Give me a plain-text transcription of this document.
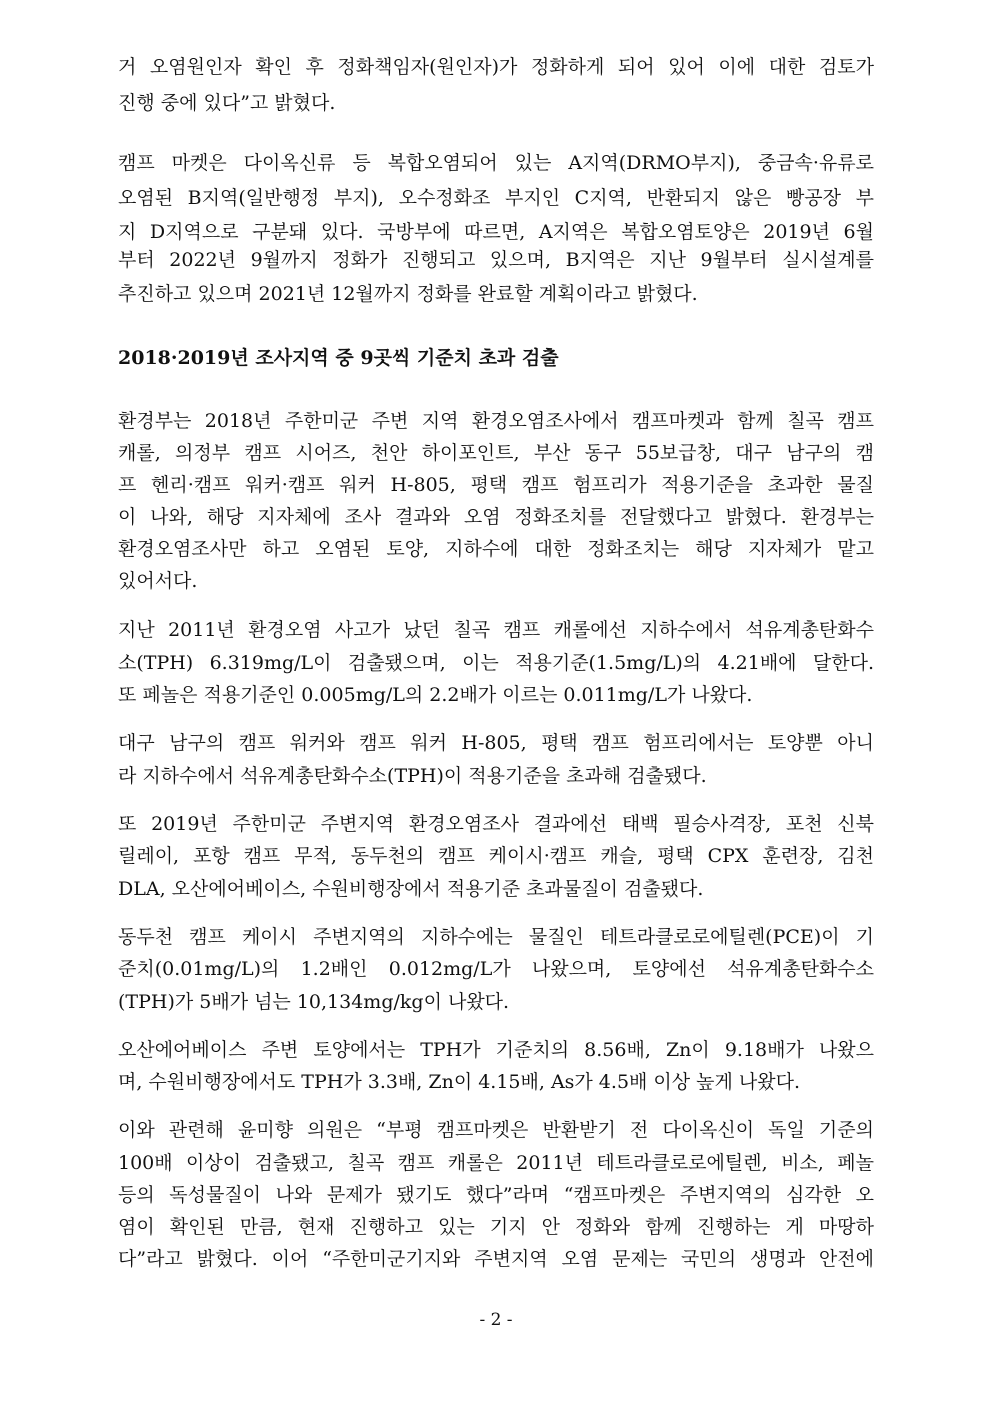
거 오염원인자 확인 후 정화책임자(원인자)가 정화하게 되어 있어 이에 대한 검토가
진행 중에 있다”고 밝혔다.
캠프 마켓은 다이옥신류 등 복합오염되어 있는 A지역(DRMO부지), 중금속·유류로
오염된 B지역(일반행정 부지), 오수정화조 부지인 C지역, 반환되지 않은 빵공장 부
지 D지역으로 구분돼 있다. 국방부에 따르면, A지역은 복합오염토양은 2019년 6월
부터 2022년 9월까지 정화가 진행되고 있으며, B지역은 지난 9월부터 실시설계를
추진하고 있으며 2021년 12월까지 정화를 완료할 계획이라고 밝혔다.
2018·2019년 조사지역 중 9곳씩 기준치 초과 검출
환경부는 2018년 주한미군 주변 지역 환경오염조사에서 캠프마켓과 함께 칠곡 캠프
캐롤, 의정부 캠프 시어즈, 천안 하이포인트, 부산 동구 55보급창, 대구 남구의 캠
프 헨리·캠프 워커·캠프 워커 H-805, 평택 캠프 험프리가 적용기준을 초과한 물질
이 나와, 해당 지자체에 조사 결과와 오염 정화조치를 전달했다고 밝혔다. 환경부는
환경오염조사만 하고 오염된 토양, 지하수에 대한 정화조치는 해당 지자체가 맡고
있어서다.
지난 2011년 환경오염 사고가 났던 칠곡 캠프 캐롤에선 지하수에서 석유계총탄화수
소(TPH) 6.319mg/L이 검출됐으며, 이는 적용기준(1.5mg/L)의 4.21배에 달한다.
또 페놀은 적용기준인 0.005mg/L의 2.2배가 이르는 0.011mg/L가 나왔다.
대구 남구의 캠프 워커와 캠프 워커 H-805, 평택 캠프 험프리에서는 토양뿐 아니
라 지하수에서 석유계총탄화수소(TPH)이 적용기준을 초과해 검출됐다.
또 2019년 주한미군 주변지역 환경오염조사 결과에선 태백 필승사격장, 포천 신북
릴레이, 포항 캠프 무적, 동두천의 캠프 케이시·캠프 캐슬, 평택 CPX 훈련장, 김천
DLA, 오산에어베이스, 수원비행장에서 적용기준 초과물질이 검출됐다.
동두천 캠프 케이시 주변지역의 지하수에는 물질인 테트라클로로에틸렌(PCE)이 기
준치(0.01mg/L)의 1.2배인 0.012mg/L가 나왔으며, 토양에선 석유계총탄화수소
(TPH)가 5배가 넘는 10,134mg/kg이 나왔다.
오산에어베이스 주변 토양에서는 TPH가 기준치의 8.56배, Zn이 9.18배가 나왔으
며, 수원비행장에서도 TPH가 3.3배, Zn이 4.15배, As가 4.5배 이상 높게 나왔다.
이와 관련해 윤미향 의원은 “부평 캠프마켓은 반환받기 전 다이옥신이 독일 기준의
100배 이상이 검출됐고, 칠곡 캠프 캐롤은 2011년 테트라클로로에틸렌, 비소, 페놀
등의 독성물질이 나와 문제가 됐기도 했다”라며 “캠프마켓은 주변지역의 심각한 오
염이 확인된 만큼, 현재 진행하고 있는 기지 안 정화와 함께 진행하는 게 마땅하
다”라고 밝혔다. 이어 “주한미군기지와 주변지역 오염 문제는 국민의 생명과 안전에
- 2 -
